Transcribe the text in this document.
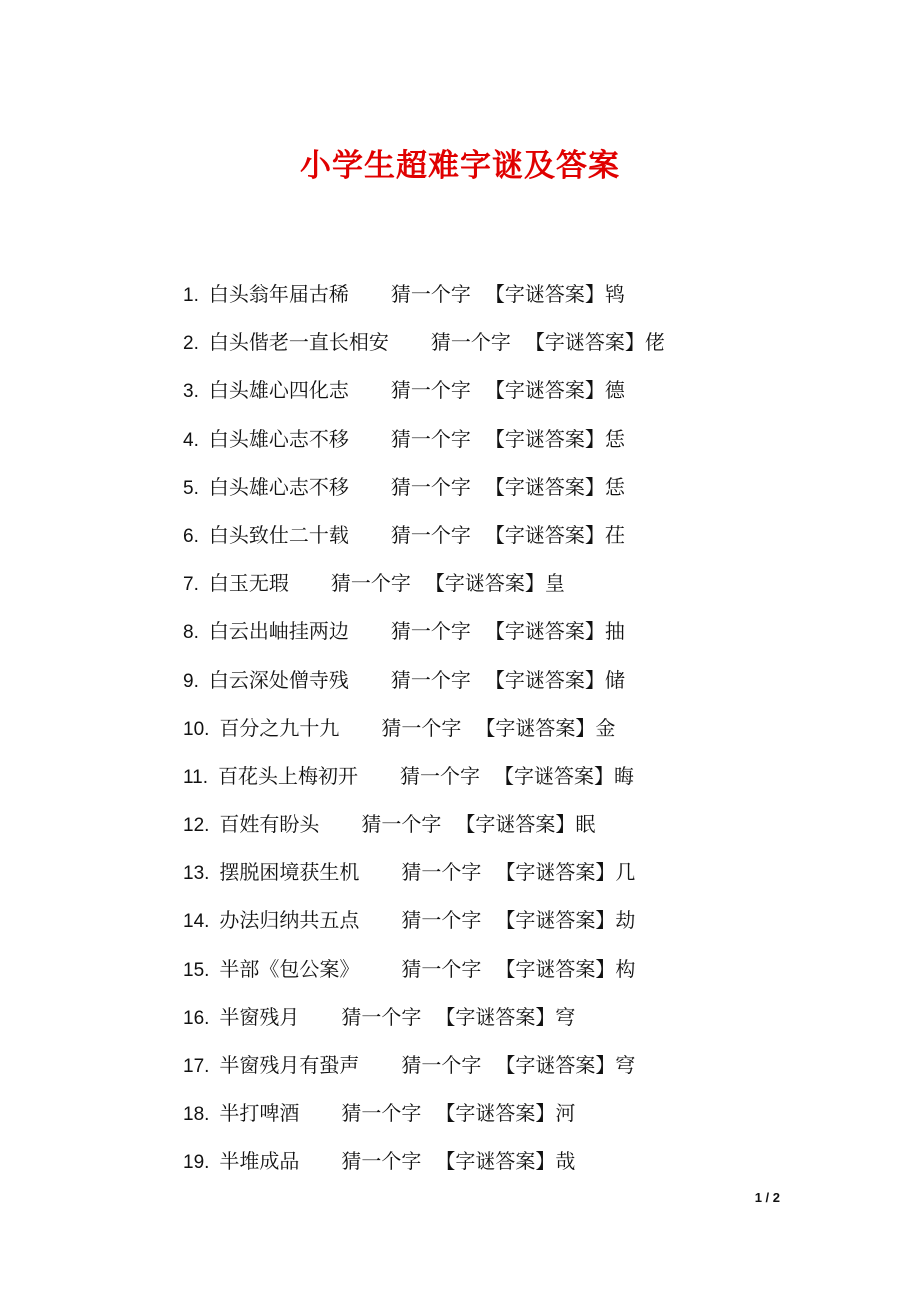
小学生超难字谜及答案
1. 白头翁年届古稀 猜一个字 【字谜答案】 鸨
2. 白头偕老一直长相安 猜一个字 【字谜答案】 佬
3. 白头雄心四化志 猜一个字 【字谜答案】 德
4. 白头雄心志不移 猜一个字 【字谜答案】 恁
5. 白头雄心志不移 猜一个字 【字谜答案】 恁
6. 白头致仕二十载 猜一个字 【字谜答案】 茌
7. 白玉无瑕 猜一个字 【字谜答案】 皇
8. 白云出岫挂两边 猜一个字 【字谜答案】 抽
9. 白云深处僧寺残 猜一个字 【字谜答案】 储
10. 百分之九十九 猜一个字 【字谜答案】 金
11. 百花头上梅初开 猜一个字 【字谜答案】 晦
12. 百姓有盼头 猜一个字 【字谜答案】 眠
13. 摆脱困境获生机 猜一个字 【字谜答案】 几
14. 办法归纳共五点 猜一个字 【字谜答案】 劫
15. 半部《包公案》 猜一个字 【字谜答案】 构
16. 半窗残月 猜一个字 【字谜答案】 穹
17. 半窗残月有蛩声 猜一个字 【字谜答案】 穹
18. 半打啤酒 猜一个字 【字谜答案】 河
19. 半堆成品 猜一个字 【字谜答案】 哉
1 / 2
